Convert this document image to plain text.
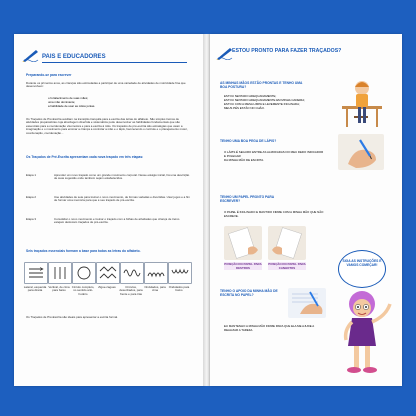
PAIS E EDUCADORES
Preparando-se para escrever
Durante os primeiros anos, as crianças são estimuladas a participar de uma variedade de atividades de motricidade fina que desenvolvem:
o fortalecimento de suas mãos;
uma mão dominante;
a habilidade de usar as mãos juntas.
Os Traçados de Pré-Escrita auxiliam na transição tranquila para a escrita das letras do alfabeto. São simples treinos de atividades preparatórias cuja abordagem divertida e sistemática pode desenvolver as habilidades fundamentais que são essenciais para a coordenação visomotora e para a escrita à mão. Os traçados de pré-escrita são estratégias que usam a imaginação e o movimento para ensinar a criança a controlar a mão e o lápis, favorecendo o controle e o planejamento motor, coordenação, coordenação...
Os Traçados de Pré-Escrita apresentam cada nova traçado em três etapas:
Etapa 1	Aprender um novo traçado como um grande movimento corporal. Nesse estágio inicial, há uma descrição de suas sugestão onde também sejam estabelecidos.
Etapa 2	Use atividades de sete para treinar o novo movimento, de formas variadas e divertidas. Usar jogos e a fim de formar uma memória para que é seu traçado de pré-escrita.
Etapa 3	Consolidar o novo movimento e treinar o traçado com a folhas de atividades que criança de treino estejam deslocam traçados de pré-escrita.
Seis traçados essenciais formam a base para todas as letras do alfabeto.
Lateral, esquerda para direita
Vertical, de cima para baixo
Círculo completo, no sentido anti-horário
Zigue-zagues	Círculos, desenhados, para frente e para trás
Ondulados, para cima
Ondulados para baixo
Os Traçados de Pré-Escrita são ideais para apresentar a escrita formal.
ESTOU PRONTO PARA FAZER TRAÇADOS?
AS MINHAS MÃOS ESTÃO PRONTAS E TENHO UMA BOA POSTURA?
ESTOU SENTADO ADEQUADAMENTE;
ESTOU SENTADO ADEQUADAMENTE EM MINHA CADEIRA;
ESTOU COM A MESA LIMPA E LEVEMENTE INCLINADA;
MEUS PÉS ESTÃO NO CHÃO.
TENHO UMA BOA PEGA DE LÁPIS?
O LÁPIS É SEGURO ENTRE AS ALMOFADAS DO MEU DEDO INDICADOR E POLEGAR
DA MINHA MÃO DE ESCRITA.
TENHO UM PAPEL PRONTO PARA ESCREVER?
O PAPEL É INCLINADO E MANTIDO FIRME COM A MINHA MÃO QUE NÃO ESCREVE.
POSIÇÃO DO PAPEL PARA DESTROS
POSIÇÃO DO PAPEL PARA CANHOTOS
SIGA AS INSTRUÇÕES E VAMOS COMEÇAR!
TENHO O APOIO DA MINHA MÃO DE ESCRITA NO PAPEL?
EU MANTENHO A MINHA MÃO FIRME PARA QUE ELA ME AJUDE A REALIZAR A TAREFA.
